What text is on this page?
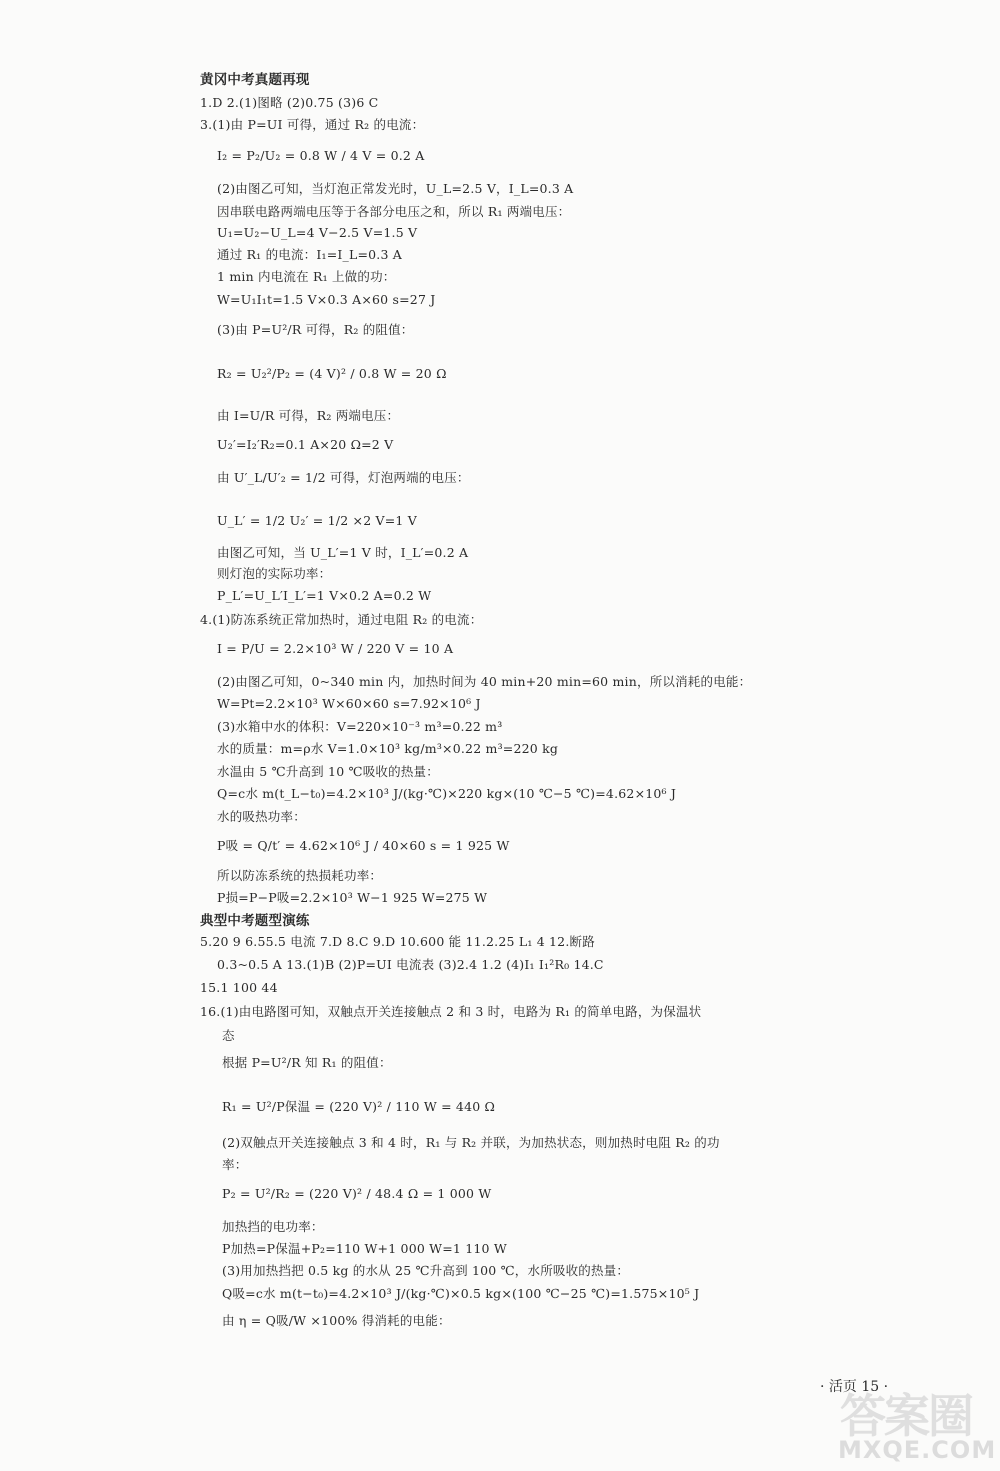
黄冈中考真题再现
1.D 2.(1)图略 (2)0.75 (3)6 C
3.(1)由 P=UI 可得，通过 R₂ 的电流：
I₂ = P₂/U₂ = 0.8 W / 4 V = 0.2 A
(2)由图乙可知，当灯泡正常发光时，U_L=2.5 V，I_L=0.3 A
因串联电路两端电压等于各部分电压之和，所以 R₁ 两端电压：
U₁=U₂−U_L=4 V−2.5 V=1.5 V
通过 R₁ 的电流：I₁=I_L=0.3 A
1 min 内电流在 R₁ 上做的功：
W=U₁I₁t=1.5 V×0.3 A×60 s=27 J
(3)由 P=U²/R 可得，R₂ 的阻值：
R₂ = U₂²/P₂ = (4 V)² / 0.8 W = 20 Ω
由 I=U/R 可得，R₂ 两端电压：
U₂′=I₂′R₂=0.1 A×20 Ω=2 V
由 U′_L/U′₂ = 1/2 可得，灯泡两端的电压：
U_L′ = 1/2 U₂′ = 1/2 ×2 V=1 V
由图乙可知，当 U_L′=1 V 时，I_L′=0.2 A
则灯泡的实际功率：
P_L′=U_L′I_L′=1 V×0.2 A=0.2 W
4.(1)防冻系统正常加热时，通过电阻 R₂ 的电流：
I = P/U = 2.2×10³ W / 220 V = 10 A
(2)由图乙可知，0~340 min 内，加热时间为 40 min+20 min=60 min，所以消耗的电能：
W=Pt=2.2×10³ W×60×60 s=7.92×10⁶ J
(3)水箱中水的体积：V=220×10⁻³ m³=0.22 m³
水的质量：m=ρ水 V=1.0×10³ kg/m³×0.22 m³=220 kg
水温由 5 ℃升高到 10 ℃吸收的热量：
Q=c水 m(t_L−t₀)=4.2×10³ J/(kg·℃)×220 kg×(10 ℃−5 ℃)=4.62×10⁶ J
水的吸热功率：
P吸 = Q/t′ = 4.62×10⁶ J / 40×60 s = 1 925 W
所以防冻系统的热损耗功率：
P损=P−P吸=2.2×10³ W−1 925 W=275 W
典型中考题型演练
5.20 9 6.55.5 电流 7.D 8.C 9.D 10.600 能 11.2.25 L₁ 4 12.断路
0.3~0.5 A 13.(1)B (2)P=UI 电流表 (3)2.4 1.2 (4)I₁ I₁²R₀ 14.C
15.1 100 44
16.(1)由电路图可知，双触点开关连接触点 2 和 3 时，电路为 R₁ 的简单电路，为保温状
态
根据 P=U²/R 知 R₁ 的阻值：
R₁ = U²/P保温 = (220 V)² / 110 W = 440 Ω
(2)双触点开关连接触点 3 和 4 时，R₁ 与 R₂ 并联，为加热状态，则加热时电阻 R₂ 的功
率：
P₂ = U²/R₂ = (220 V)² / 48.4 Ω = 1 000 W
加热挡的电功率：
P加热=P保温+P₂=110 W+1 000 W=1 110 W
(3)用加热挡把 0.5 kg 的水从 25 ℃升高到 100 ℃，水所吸收的热量：
Q吸=c水 m(t−t₀)=4.2×10³ J/(kg·℃)×0.5 kg×(100 ℃−25 ℃)=1.575×10⁵ J
由 η = Q吸/W ×100% 得消耗的电能：
· 活页 15 ·
答案圈
MXQE.COM
